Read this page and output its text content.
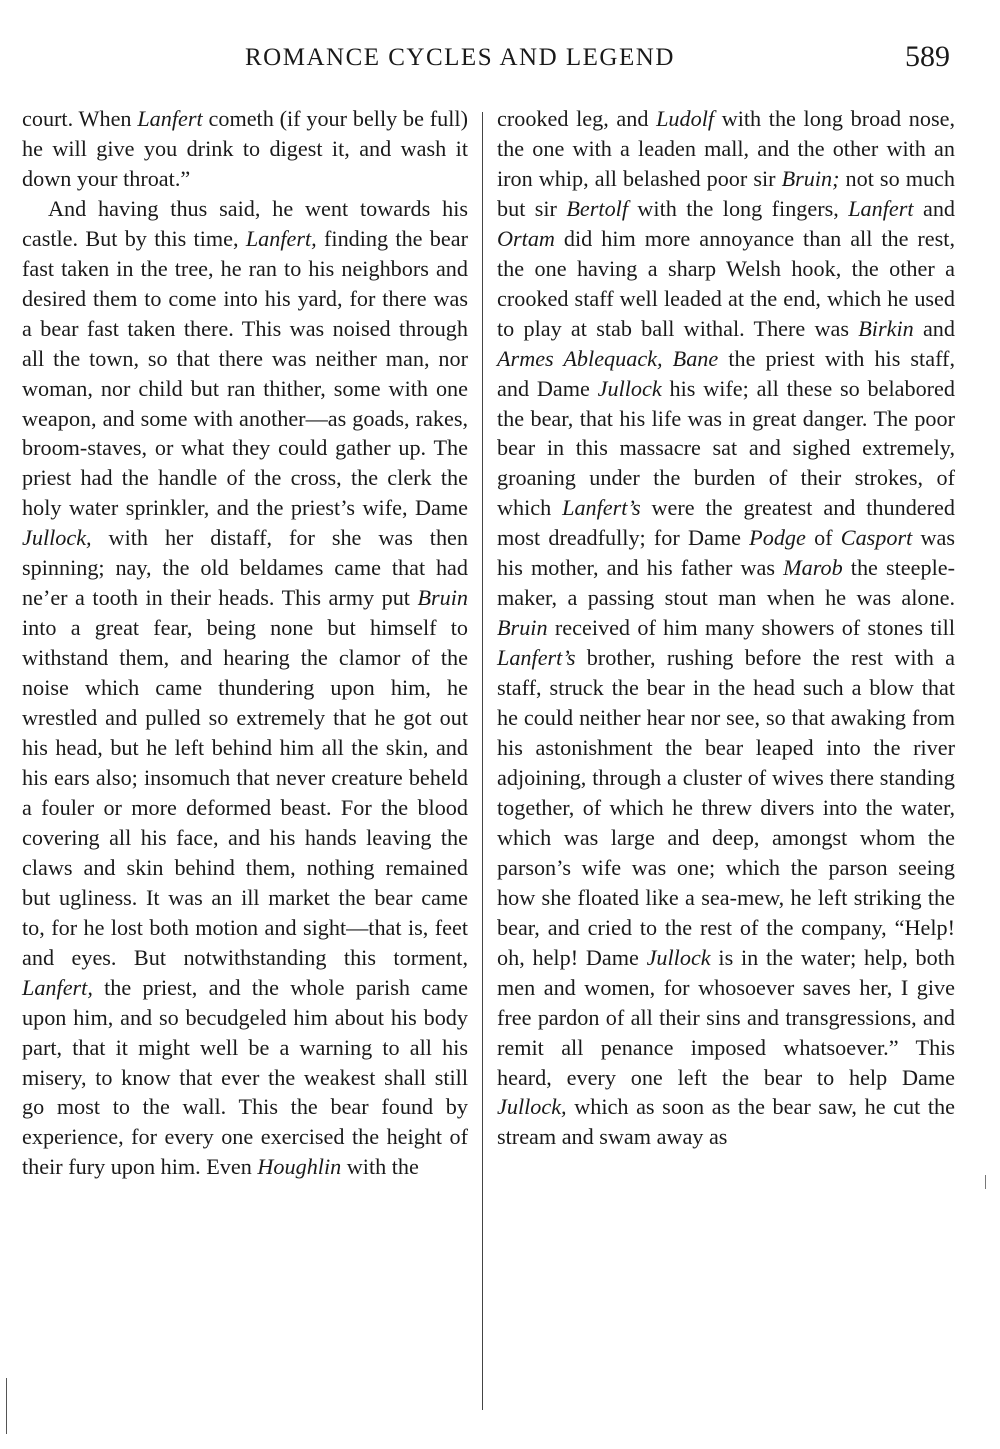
ROMANCE CYCLES AND LEGEND	589

court. When Lanfert cometh (if your belly be full) he will give you drink to digest it, and wash it down your throat.”

And having thus said, he went towards his castle. But by this time, Lanfert, finding the bear fast taken in the tree, he ran to his neighbors and desired them to come into his yard, for there was a bear fast taken there. This was noised through all the town, so that there was neither man, nor woman, nor child but ran thither, some with one weapon, and some with another—as goads, rakes, broom-staves, or what they could gather up. The priest had the handle of the cross, the clerk the holy water sprinkler, and the priest’s wife, Dame Jullock, with her distaff, for she was then spinning; nay, the old beldames came that had ne’er a tooth in their heads. This army put Bruin into a great fear, being none but himself to withstand them, and hearing the clamor of the noise which came thundering upon him, he wrestled and pulled so extremely that he got out his head, but he left behind him all the skin, and his ears also; insomuch that never creature beheld a fouler or more deformed beast. For the blood covering all his face, and his hands leaving the claws and skin behind them, nothing remained but ugliness. It was an ill market the bear came to, for he lost both motion and sight—that is, feet and eyes. But notwithstanding this torment, Lanfert, the priest, and the whole parish came upon him, and so becudgeled him about his body part, that it might well be a warning to all his misery, to know that ever the weakest shall still go most to the wall. This the bear found by experience, for every one exercised the height of their fury upon him. Even Houghlin with the

crooked leg, and Ludolf with the long broad nose, the one with a leaden mall, and the other with an iron whip, all belashed poor sir Bruin; not so much but sir Bertolf with the long fingers, Lanfert and Ortam did him more annoyance than all the rest, the one having a sharp Welsh hook, the other a crooked staff well leaded at the end, which he used to play at stab ball withal. There was Birkin and Armes Ablequack, Bane the priest with his staff, and Dame Jullock his wife; all these so belabored the bear, that his life was in great danger. The poor bear in this massacre sat and sighed extremely, groaning under the burden of their strokes, of which Lanfert’s were the greatest and thundered most dreadfully; for Dame Podge of Casport was his mother, and his father was Marob the steeple-maker, a passing stout man when he was alone. Bruin received of him many showers of stones till Lanfert’s brother, rushing before the rest with a staff, struck the bear in the head such a blow that he could neither hear nor see, so that awaking from his astonishment the bear leaped into the river adjoining, through a cluster of wives there standing together, of which he threw divers into the water, which was large and deep, amongst whom the parson’s wife was one; which the parson seeing how she floated like a sea-mew, he left striking the bear, and cried to the rest of the company, “Help! oh, help! Dame Jullock is in the water; help, both men and women, for whosoever saves her, I give free pardon of all their sins and transgressions, and remit all penance imposed whatsoever.” This heard, every one left the bear to help Dame Jullock, which as soon as the bear saw, he cut the stream and swam away as
